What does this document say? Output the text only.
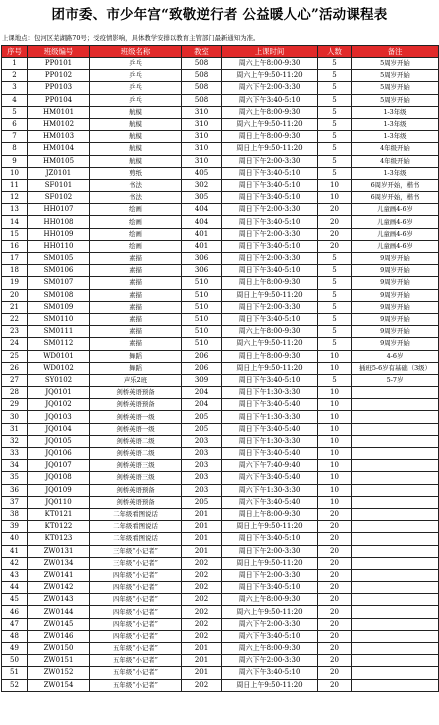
团市委、市少年宫“致敬逆行者 公益暖人心”活动课程表
上课地点：包河区芜湖路70号；受疫情影响，具体教学安排以教育主管部门最新通知为准。
序号	班级编号	班级名称	教室	上课时间	人数	备注
1	PP0101	乒乓	508	周六上午8:00-9:30	5	5周岁开始
2	PP0102	乒乓	508	周六上午9:50-11:20	5	5周岁开始
3	PP0103	乒乓	508	周六下午2:00-3:30	5	5周岁开始
4	PP0104	乒乓	508	周六下午3:40-5:10	5	5周岁开始
5	HM0101	航模	310	周六上午8:00-9:30	5	1-3年级
6	HM0102	航模	310	周六上午9:50-11:20	5	1-3年级
7	HM0103	航模	310	周日上午8:00-9:30	5	1-3年级
8	HM0104	航模	310	周日上午9:50-11:20	5	4年级开始
9	HM0105	航模	310	周日下午2:00-3:30	5	4年级开始
10	JZ0101	剪纸	405	周日下午3:40-5:10	5	1-3年级
11	SF0101	书法	302	周日下午3:40-5:10	10	6周岁开始，楷书
12	SF0102	书法	305	周日下午3:40-5:10	10	6周岁开始，楷书
13	HH0107	绘画	404	周日下午2:00-3:30	20	儿童画4-6岁
14	HH0108	绘画	404	周日下午3:40-5:10	20	儿童画4-6岁
15	HH0109	绘画	401	周日下午2:00-3:30	20	儿童画4-6岁
16	HH0110	绘画	401	周日下午3:40-5:10	20	儿童画4-6岁
17	SM0105	素描	306	周日下午2:00-3:30	5	9周岁开始
18	SM0106	素描	306	周日下午3:40-5:10	5	9周岁开始
19	SM0107	素描	510	周日上午8:00-9:30	5	9周岁开始
20	SM0108	素描	510	周日上午9:50-11:20	5	9周岁开始
21	SM0109	素描	510	周日下午2:00-3:30	5	9周岁开始
22	SM0110	素描	510	周日下午3:40-5:10	5	9周岁开始
23	SM0111	素描	510	周六上午8:00-9:30	5	9周岁开始
24	SM0112	素描	510	周六上午9:50-11:20	5	9周岁开始
25	WD0101	舞蹈	206	周日上午8:00-9:30	10	4-6岁
26	WD0102	舞蹈	206	周日上午9:50-11:20	10	插班5-6岁有基础（3级）
27	SY0102	声乐2班	309	周日下午3:40-5:10	5	5-7岁
28	JQ0101	剑桥英语预备	204	周日下午1:30-3:30	10	
29	JQ0102	剑桥英语预备	204	周日下午3:40-5:40	10	
30	JQ0103	剑桥英语一级	205	周日下午1:30-3:30	10	
31	JQ0104	剑桥英语一级	205	周日下午3:40-5:40	10	
32	JQ0105	剑桥英语二级	203	周日下午1:30-3:30	10	
33	JQ0106	剑桥英语二级	203	周日下午3:40-5:40	10	
34	JQ0107	剑桥英语三级	203	周六下午7:40-9:40	10	
35	JQ0108	剑桥英语三级	203	周六下午3:40-5:40	10	
36	JQ0109	剑桥英语预备	203	周六下午1:30-3:30	10	
37	JQ0110	剑桥英语预备	205	周六下午3:40-5:40	10	
38	KT0121	二年级看图说话	201	周日上午8:00-9:30	20	
39	KT0122	二年级看图说话	201	周日上午9:50-11:20	20	
40	KT0123	二年级看图说话	201	周日下午3:40-5:10	20	
41	ZW0131	三年级“小记者”	201	周日下午2:00-3:30	20	
42	ZW0134	三年级“小记者”	202	周日上午9:50-11:20	20	
43	ZW0141	四年级“小记者”	202	周日下午2:00-3:30	20	
44	ZW0142	四年级“小记者”	202	周日下午3:40-5:10	20	
45	ZW0143	四年级“小记者”	202	周六上午8:00-9:30	20	
46	ZW0144	四年级“小记者”	202	周六上午9:50-11:20	20	
47	ZW0145	四年级“小记者”	202	周六下午2:00-3:30	20	
48	ZW0146	四年级“小记者”	202	周六下午3:40-5:10	20	
49	ZW0150	五年级“小记者”	201	周六上午8:00-9:30	20	
50	ZW0151	五年级“小记者”	201	周六下午2:00-3:30	20	
51	ZW0152	五年级“小记者”	201	周六下午3:40-5:10	20	
52	ZW0154	五年级“小记者”	202	周日上午9:50-11:20	20	
